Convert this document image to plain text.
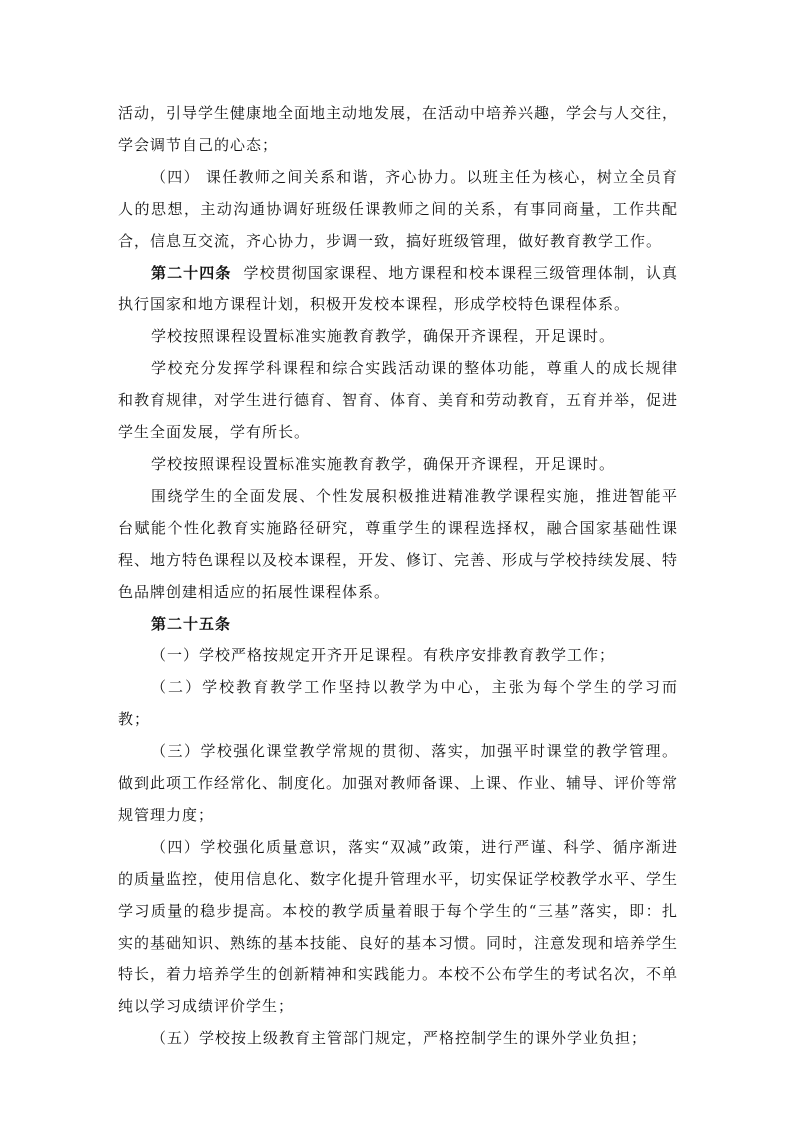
活动，引导学生健康地全面地主动地发展，在活动中培养兴趣，学会与人交往，学会调节自己的心态；

（四） 课任教师之间关系和谐，齐心协力。以班主任为核心，树立全员育人的思想，主动沟通协调好班级任课教师之间的关系，有事同商量，工作共配合，信息互交流，齐心协力，步调一致，搞好班级管理，做好教育教学工作。

第二十四条 学校贯彻国家课程、地方课程和校本课程三级管理体制，认真执行国家和地方课程计划，积极开发校本课程，形成学校特色课程体系。

学校按照课程设置标准实施教育教学，确保开齐课程，开足课时。

学校充分发挥学科课程和综合实践活动课的整体功能，尊重人的成长规律和教育规律，对学生进行德育、智育、体育、美育和劳动教育，五育并举，促进学生全面发展，学有所长。

学校按照课程设置标准实施教育教学，确保开齐课程，开足课时。

围绕学生的全面发展、个性发展积极推进精准教学课程实施，推进智能平台赋能个性化教育实施路径研究，尊重学生的课程选择权，融合国家基础性课程、地方特色课程以及校本课程，开发、修订、完善、形成与学校持续发展、特色品牌创建相适应的拓展性课程体系。

第二十五条

（一）学校严格按规定开齐开足课程。有秩序安排教育教学工作；

（二）学校教育教学工作坚持以教学为中心，主张为每个学生的学习而教；

（三）学校强化课堂教学常规的贯彻、落实，加强平时课堂的教学管理。做到此项工作经常化、制度化。加强对教师备课、上课、作业、辅导、评价等常规管理力度；

（四）学校强化质量意识，落实“双减”政策，进行严谨、科学、循序渐进的质量监控，使用信息化、数字化提升管理水平，切实保证学校教学水平、学生学习质量的稳步提高。本校的教学质量着眼于每个学生的“三基”落实，即：扎实的基础知识、熟练的基本技能、良好的基本习惯。同时，注意发现和培养学生特长，着力培养学生的创新精神和实践能力。本校不公布学生的考试名次，不单纯以学习成绩评价学生；

（五）学校按上级教育主管部门规定，严格控制学生的课外学业负担；
